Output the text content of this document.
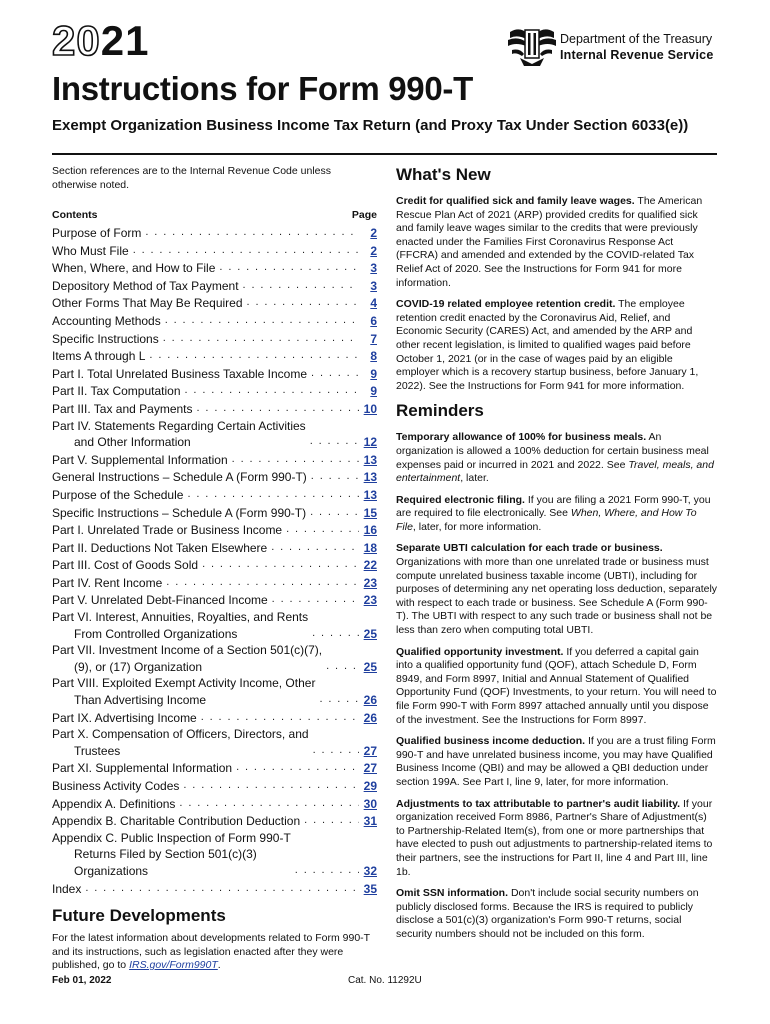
2021	Department of the Treasury
Internal Revenue Service
Instructions for Form 990-T

Exempt Organization Business Income Tax Return (and Proxy Tax Under Section 6033(e))

Section references are to the Internal Revenue Code unless otherwise noted.

Contents	Page
Purpose of Form . . .	2
Who Must File . . .	2
When, Where, and How to File . . .	3
Depository Method of Tax Payment . . .	3
Other Forms That May Be Required . . .	4
Accounting Methods . . .	6
Specific Instructions . . .	7
Items A through L . . .	8
Part I. Total Unrelated Business Taxable Income . . .	9
Part II. Tax Computation . . .	9
Part III. Tax and Payments . . .	10
Part IV. Statements Regarding Certain Activities
and Other Information . . .	12
Part V. Supplemental Information . . .	13
General Instructions – Schedule A (Form 990-T) . . .	13
Purpose of the Schedule . . .	13
Specific Instructions – Schedule A (Form 990-T) . . .	15
Part I. Unrelated Trade or Business Income . . .	16
Part II. Deductions Not Taken Elsewhere . . .	18
Part III. Cost of Goods Sold . . .	22
Part IV. Rent Income . . .	23
Part V. Unrelated Debt-Financed Income . . .	23
Part VI. Interest, Annuities, Royalties, and Rents
From Controlled Organizations . . .	25
Part VII. Investment Income of a Section 501(c)(7),
(9), or (17) Organization . . .	25
Part VIII. Exploited Exempt Activity Income, Other
Than Advertising Income . . .	26
Part IX. Advertising Income . . .	26
Part X. Compensation of Officers, Directors, and
Trustees . . .	27
Part XI. Supplemental Information . . .	27
Business Activity Codes . . .	29
Appendix A. Definitions . . .	30
Appendix B. Charitable Contribution Deduction . . .	31
Appendix C. Public Inspection of Form 990-T
Returns Filed by Section 501(c)(3)
Organizations . . .	32
Index . . .	35
Future Developments

For the latest information about developments related to Form 990-T and its instructions, such as legislation enacted after they were published, go to IRS.gov/Form990T.

What's New

Credit for qualified sick and family leave wages. The American Rescue Plan Act of 2021 (ARP) provided credits for qualified sick and family leave wages similar to the credits that were previously enacted under the Families First Coronavirus Response Act (FFCRA) and amended and extended by the COVID-related Tax Relief Act of 2020. See the Instructions for Form 941 for more information.

COVID-19 related employee retention credit. The employee retention credit enacted by the Coronavirus Aid, Relief, and Economic Security (CARES) Act, and amended by the ARP and other recent legislation, is limited to qualified wages paid before October 1, 2021 (or in the case of wages paid by an eligible employer which is a recovery startup business, before January 1, 2022). See the Instructions for Form 941 for more information.

Reminders

Temporary allowance of 100% for business meals. An organization is allowed a 100% deduction for certain business meal expenses paid or incurred in 2021 and 2022. See Travel, meals, and entertainment, later.

Required electronic filing. If you are filing a 2021 Form 990-T, you are required to file electronically. See When, Where, and How To File, later, for more information.

Separate UBTI calculation for each trade or business. Organizations with more than one unrelated trade or business must compute unrelated business taxable income (UBTI), including for purposes of determining any net operating loss deduction, separately with respect to each trade or business. See Schedule A (Form 990-T). The UBTI with respect to any such trade or business shall not be less than zero when computing total UBTI.

Qualified opportunity investment. If you deferred a capital gain into a qualified opportunity fund (QOF), attach Schedule D, Form 8949, and Form 8997, Initial and Annual Statement of Qualified Opportunity Fund (QOF) Investments, to your return. You will need to file Form 990-T with Form 8997 attached annually until you dispose of the investment. See the Instructions for Form 8997.

Qualified business income deduction. If you are a trust filing Form 990-T and have unrelated business income, you may have Qualified Business Income (QBI) and may be allowed a QBI deduction under section 199A. See Part I, line 9, later, for more information.

Adjustments to tax attributable to partner's audit liability. If your organization received Form 8986, Partner's Share of Adjustment(s) to Partnership-Related Item(s), from one or more partnerships that have elected to push out adjustments to partnership-related items to their partners, see the instructions for Part II, line 4 and Part III, line 1b.

Omit SSN information. Don't include social security numbers on publicly disclosed forms. Because the IRS is required to publicly disclose a 501(c)(3) organization's Form 990-T returns, social security numbers should not be included on this form.

Feb 01, 2022	Cat. No. 11292U
